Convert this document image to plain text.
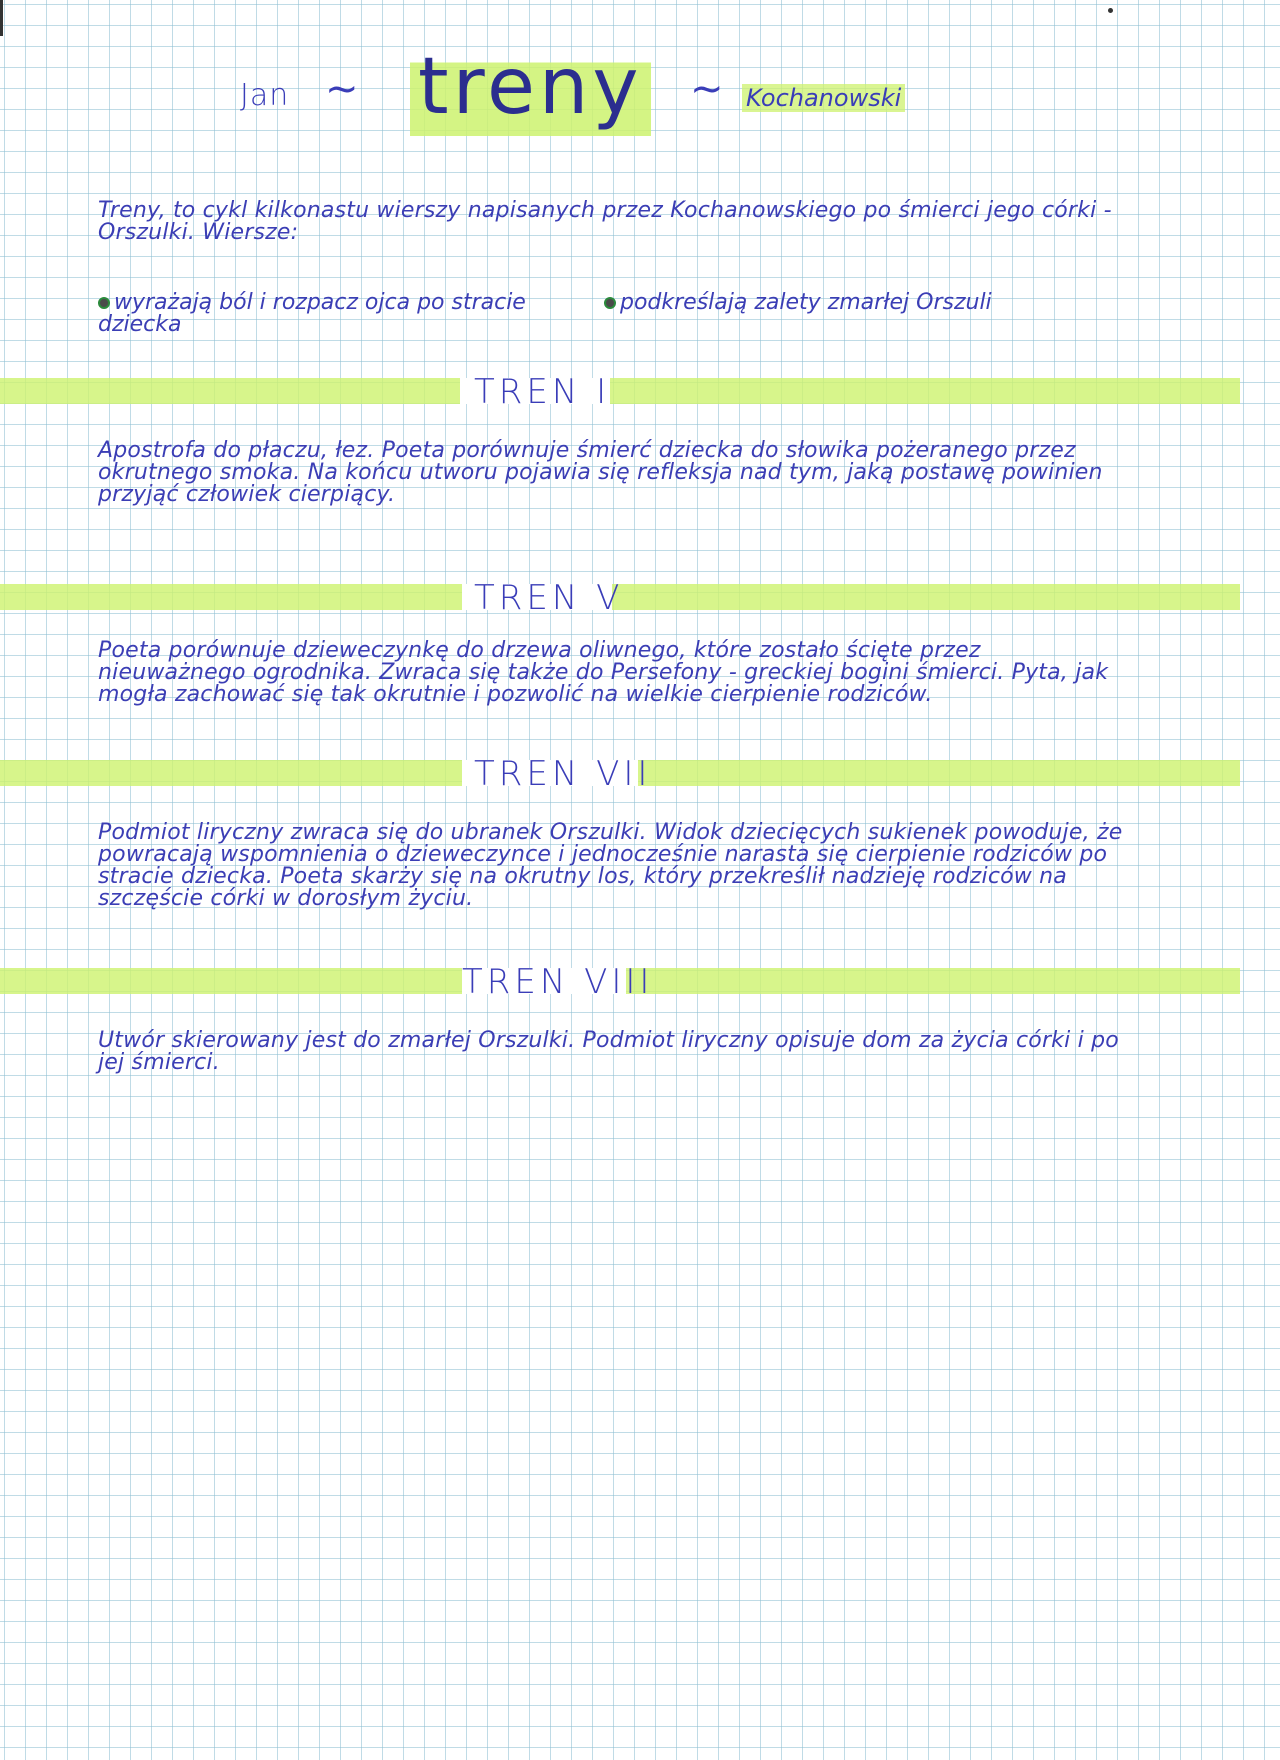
Jan ~ treny ~ Kochanowski
Treny, to cykl kilkonastu wierszy napisanych przez Kochanowskiego po śmierci jego córki - Orszulki. Wiersze:
wyrażają ból i rozpacz ojca po stracie dziecka
podkreślają zalety zmarłej Orszuli
TREN I
Apostrofa do płaczu, łez. Poeta porównuje śmierć dziecka do słowika pożeranego przez okrutnego smoka. Na końcu utworu pojawia się refleksja nad tym, jaką postawę powinien przyjąć człowiek cierpiący.
TREN V
Poeta porównuje dzieweczynkę do drzewa oliwnego, które zostało ścięte przez nieuważnego ogrodnika. Zwraca się także do Persefony - greckiej bogini śmierci. Pyta, jak mogła zachować się tak okrutnie i pozwolić na wielkie cierpienie rodziców.
TREN VII
Podmiot liryczny zwraca się do ubranek Orszulki. Widok dziecięcych sukienek powoduje, że powracają wspomnienia o dzieweczynce i jednocześnie narasta się cierpienie rodziców po stracie dziecka. Poeta skarży się na okrutny los, który przekreślił nadzieję rodziców na szczęście córki w dorosłym życiu.
TREN VIII
Utwór skierowany jest do zmarłej Orszulki. Podmiot liryczny opisuje dom za życia córki i po jej śmierci.
